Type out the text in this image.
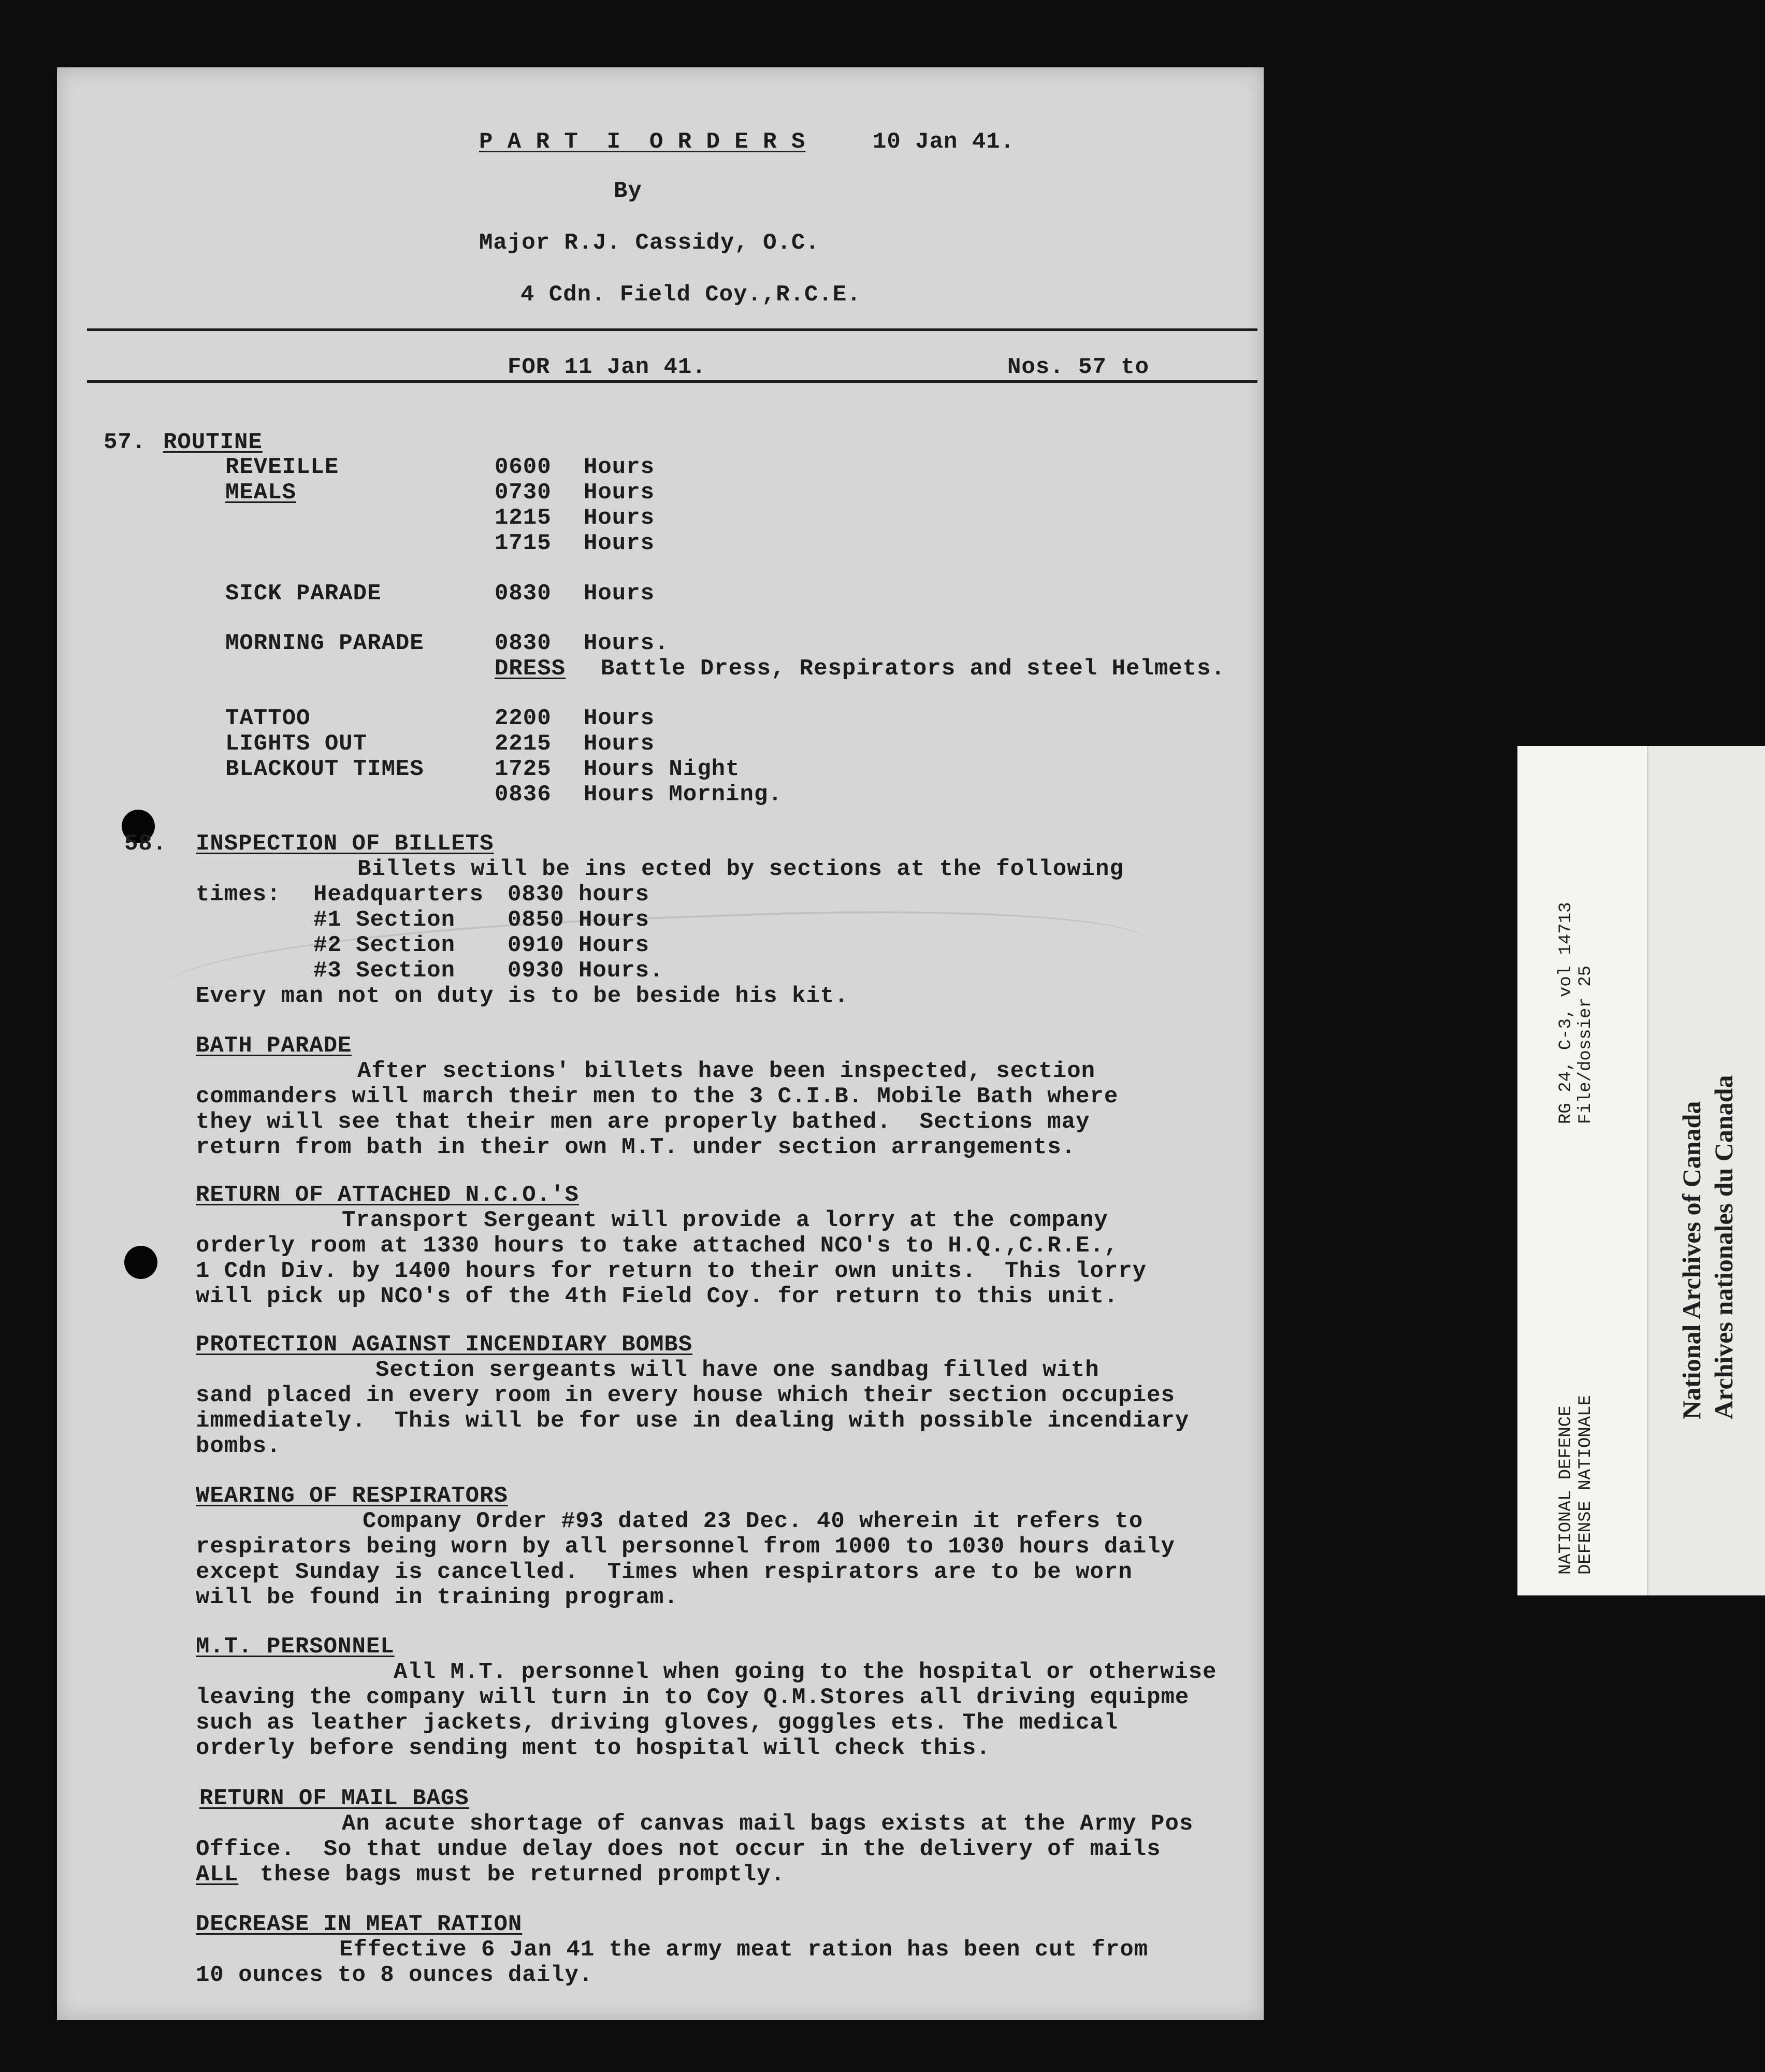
P A R T  I  O R D E R S	10 Jan 41.
By
Major R.J. Cassidy, O.C.
4 Cdn. Field Coy.,R.C.E.
FOR 11 Jan 41.	Nos. 57 to
57. ROUTINE
REVEILLE	0600 Hours
MEALS	0730 Hours
1215 Hours
1715 Hours
SICK PARADE	0830 Hours
MORNING PARADE	0830 Hours.
DRESS Battle Dress, Respirators and steel Helmets.
TATTOO	2200 Hours
LIGHTS OUT	2215 Hours
BLACKOUT TIMES	1725 Hours Night
0836 Hours Morning.
58. INSPECTION OF BILLETS
Billets will be ins ected by sections at the following
times: Headquarters 0830 hours
#1 Section 0850 Hours
#2 Section 0910 Hours
#3 Section 0930 Hours.
Every man not on duty is to be beside his kit.
BATH PARADE
After sections' billets have been inspected, section
commanders will march their men to the 3 C.I.B. Mobile Bath where
they will see that their men are properly bathed.  Sections may
return from bath in their own M.T. under section arrangements.
RETURN OF ATTACHED N.C.O.'S
Transport Sergeant will provide a lorry at the company
orderly room at 1330 hours to take attached NCO's to H.Q.,C.R.E.,
1 Cdn Div. by 1400 hours for return to their own units.  This lorry
will pick up NCO's of the 4th Field Coy. for return to this unit.
PROTECTION AGAINST INCENDIARY BOMBS
Section sergeants will have one sandbag filled with
sand placed in every room in every house which their section occupies
immediately.  This will be for use in dealing with possible incendiary
bombs.
WEARING OF RESPIRATORS
Company Order #93 dated 23 Dec. 40 wherein it refers to
respirators being worn by all personnel from 1000 to 1030 hours daily
except Sunday is cancelled.  Times when respirators are to be worn
will be found in training program.
M.T. PERSONNEL
All M.T. personnel when going to the hospital or otherwise
leaving the company will turn in to Coy Q.M.Stores all driving equipme
such as leather jackets, driving gloves, goggles ets. The medical
orderly before sending ment to hospital will check this.
RETURN OF MAIL BAGS
An acute shortage of canvas mail bags exists at the Army Pos
Office.  So that undue delay does not occur in the delivery of mails
ALL these bags must be returned promptly.
DECREASE IN MEAT RATION
Effective 6 Jan 41 the army meat ration has been cut from
10 ounces to 8 ounces daily.
RG 24, C-3, vol 14713 File/dossier 25
NATIONAL DEFENCE DEFENSE NATIONALE
National Archives of Canada Archives nationales du Canada
